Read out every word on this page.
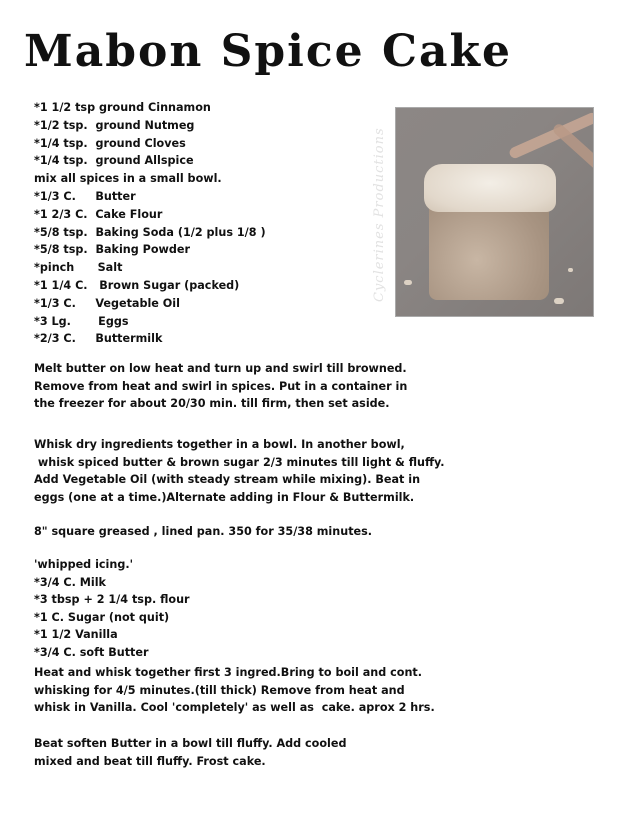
Mabon Spice Cake
*1 1/2 tsp ground Cinnamon
*1/2 tsp.  ground Nutmeg
*1/4 tsp.  ground Cloves
*1/4 tsp.  ground Allspice
mix all spices in a small bowl.
*1/3 C.     Butter
*1 2/3 C.  Cake Flour
*5/8 tsp.  Baking Soda (1/2 plus 1/8 )
*5/8 tsp.  Baking Powder
*pinch      Salt
*1 1/4 C.   Brown Sugar (packed)
*1/3 C.     Vegetable Oil
*3 Lg.       Eggs
*2/3 C.     Buttermilk
Cyclerines Productions
Melt butter on low heat and turn up and swirl till browned.
Remove from heat and swirl in spices. Put in a container in
the freezer for about 20/30 min. till firm, then set aside.
Whisk dry ingredients together in a bowl. In another bowl,
whisk spiced butter & brown sugar 2/3 minutes till light & fluffy.
Add Vegetable Oil (with steady stream while mixing). Beat in
eggs (one at a time.)Alternate adding in Flour & Buttermilk.
8" square greased , lined pan. 350 for 35/38 minutes.
'whipped icing.'
*3/4 C. Milk
*3 tbsp + 2 1/4 tsp. flour
*1 C. Sugar (not quit)
*1 1/2 Vanilla
*3/4 C. soft Butter
Heat and whisk together first 3 ingred.Bring to boil and cont.
whisking for 4/5 minutes.(till thick) Remove from heat and
whisk in Vanilla. Cool 'completely' as well as  cake. aprox 2 hrs.
Beat soften Butter in a bowl till fluffy. Add cooled
mixed and beat till fluffy. Frost cake.
